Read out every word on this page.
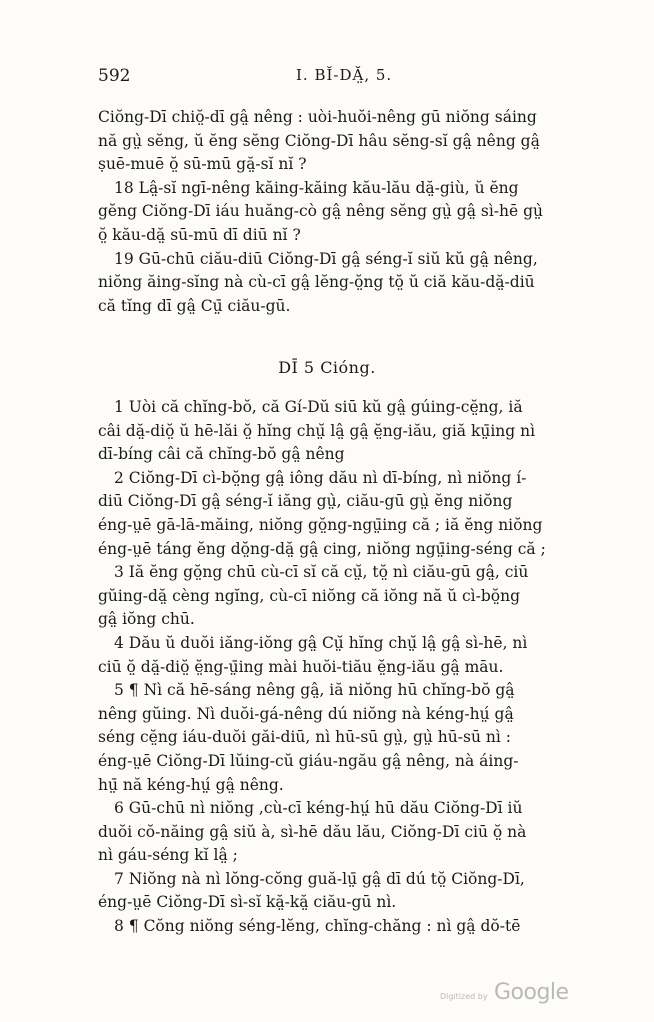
592	I. BĬ-DĂ̤, 5.
Ciŏng-Dī chiŏ̤-dī gâ̤ nêng : uòi-huŏi-nêng gū niŏng sáing
nă gṳ̀ sĕng, ŭ ĕng sĕng Ciŏng-Dī hâu sĕng-sĭ gâ̤ nêng gâ̤
ṣuē-muē ŏ̤ sū-mū gă̤-sĭ nĭ ?
18 Lâ̤-sĭ ngī-nêng kăing-kăing kău-lău dă̤-giù, ŭ ĕng
gĕng Ciŏng-Dī iáu huăng-cò gâ̤ nêng sĕng gṳ̀ gâ̤ sì-hē gṳ̀
ŏ̤ kău-dă̤ sū-mū dī diū nĭ ?
19 Gū-chū ciău-diū Ciŏng-Dī gâ̤ séng-ĭ siŭ kŭ gâ̤ nêng,
niŏng ăing-sĭng nà cù-cī gâ̤ lĕng-ŏ̤ng tŏ̤ ŭ ciă kău-dă̤-diū
că tĭng dī gâ̤ Cṳ̄ ciău-gū.
DĪ 5 Cióng.
1 Uòi că chĭng-bŏ, că Gí-Dŭ siū kŭ gâ̤ gúing-cĕ̤ng, iă
câi dă̤-diŏ̤ ŭ hē-lăi ŏ̤ hĭng chṳ̆ lâ̤ gâ̤ ĕ̤ng-iău, giă kṳ̄ing nì
dī-bíng câi că chĭng-bŏ gâ̤ nêng
2 Ciŏng-Dī cì-bŏ̤ng gâ̤ iông dău nì dī-bíng, nì niŏng í-
diū Ciŏng-Dī gâ̤ séng-ĭ iăng gṳ̀, ciău-gū gṳ̀ ĕng niŏng
éng-ṳē gā-lā-măing, niŏng gŏ̤ng-ngṳ̄ing că ; iă ĕng niŏng
éng-ṳē táng ĕng dŏ̤ng-dă̤ gâ̤ cing, niŏng ngṳ̄ing-séng că ;
3 Iă ĕng gŏ̤ng chū cù-cī sĭ că cṳ̆, tŏ̤ nì ciău-gū gâ̤, ciū
gŭing-dă̤ cèng ngĭng, cù-cī niŏng că iŏng nă ŭ cì-bŏ̤ng
gâ̤ iŏng chū.
4 Dău ŭ duŏi iăng-iŏng gâ̤ Cṳ̆ hĭng chṳ̆ lâ̤ gâ̤ sì-hē, nì
ciū ŏ̤ dă̤-diŏ̤ ĕ̤ng-ṳ̄ing mài huŏi-tiău ĕ̤ng-iău gâ̤ māu.
5 ¶ Nì că hē-sáng nêng gâ̤, iă niŏng hū chĭng-bŏ gâ̤
nêng gŭing. Nì duŏi-gá-nêng dú niŏng nà kéng-hṳ́ gâ̤
séng cĕ̤ng iáu-duŏi găi-diū, nì hū-sū gṳ̀, gṳ̀ hū-sū nì :
éng-ṳē Ciŏng-Dī lŭing-cŭ giáu-ngău gâ̤ nêng, nà áing-
hṳ̄ nă kéng-hṳ́ gâ̤ nêng.
6 Gū-chū nì niŏng ,cù-cī kéng-hṳ́ hū dău Ciŏng-Dī iŭ
duŏi cŏ-năing gâ̤ siŭ à, sì-hē dău lău, Ciŏng-Dī ciū ŏ̤ nà
nì gáu-séng kĭ lâ̤ ;
7 Niŏng nà nì lŏng-cŏng guă-lṳ̄ gâ̤ dī dú tŏ̤ Ciŏng-Dī,
éng-ṳē Ciŏng-Dī sì-sĭ kă̤-kă̤ ciău-gū nì.
8 ¶ Cŏng niŏng séng-lĕng, chĭng-chăng : nì gâ̤ dŏ-tē
Digitized by Google
